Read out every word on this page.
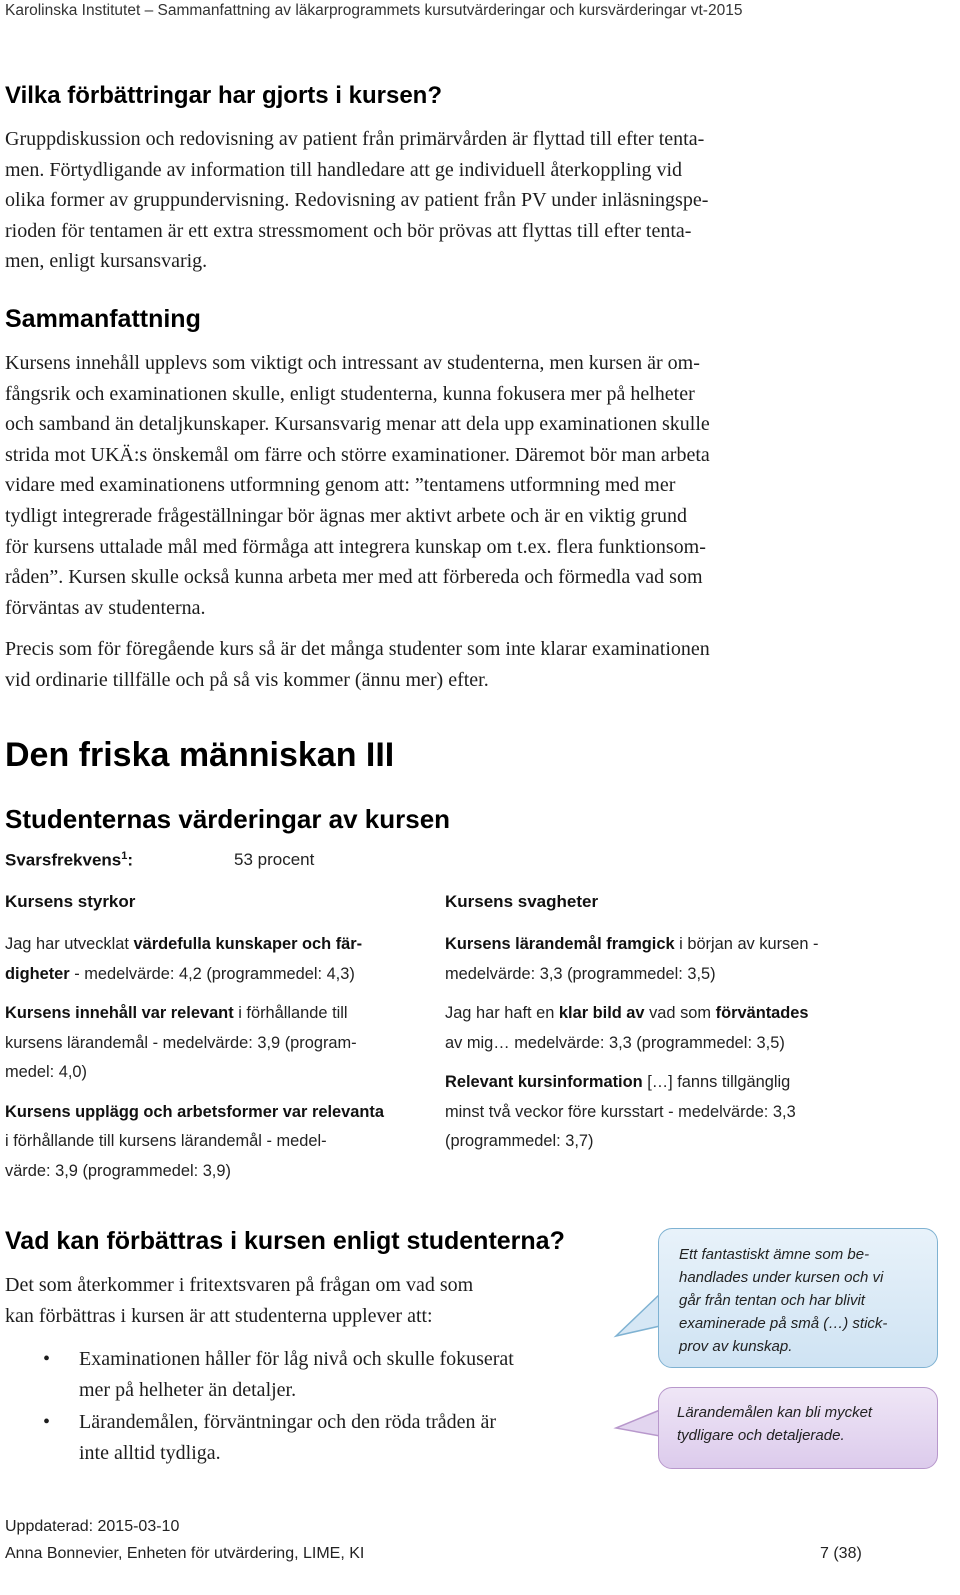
Karolinska Institutet – Sammanfattning av läkarprogrammets kursutvärderingar och kursvärderingar vt-2015
Vilka förbättringar har gjorts i kursen?

Gruppdiskussion och redovisning av patient från primärvården är flyttad till efter tenta-

men. Förtydligande av information till handledare att ge individuell återkoppling vid

olika former av gruppundervisning. Redovisning av patient från PV under inläsningspe-

rioden för tentamen är ett extra stressmoment och bör prövas att flyttas till efter tenta-

men, enligt kursansvarig.

Sammanfattning

Kursens innehåll upplevs som viktigt och intressant av studenterna, men kursen är om-

fångsrik och examinationen skulle, enligt studenterna, kunna fokusera mer på helheter

och samband än detaljkunskaper. Kursansvarig menar att dela upp examinationen skulle

strida mot UKÄ:s önskemål om färre och större examinationer. Däremot bör man arbeta

vidare med examinationens utformning genom att: ”tentamens utformning med mer

tydligt integrerade frågeställningar bör ägnas mer aktivt arbete och är en viktig grund

för kursens uttalade mål med förmåga att integrera kunskap om t.ex. flera funktionsom-

råden”. Kursen skulle också kunna arbeta mer med att förbereda och förmedla vad som

förväntas av studenterna.

Precis som för föregående kurs så är det många studenter som inte klarar examinationen

vid ordinarie tillfälle och på så vis kommer (ännu mer) efter.

Den friska människan III
Studenternas värderingar av kursen
Svarsfrekvens$^1$:	53 procent
Kursens styrkor
Jag har utvecklat värdefulla kunskaper och fär-
digheter - medelvärde: 4,2 (programmedel: 4,3)
Kursens innehåll var relevant i förhållande till
kursens lärandemål - medelvärde: 3,9 (program-
medel: 4,0)
Kursens upplägg och arbetsformer var relevanta
i förhållande till kursens lärandemål - medel-
värde: 3,9 (programmedel: 3,9)
Kursens svagheter
Kursens lärandemål framgick i början av kursen -
medelvärde: 3,3 (programmedel: 3,5)
Jag har haft en klar bild av vad som förväntades
av mig… medelvärde: 3,3 (programmedel: 3,5)
Relevant kursinformation […] fanns tillgänglig
minst två veckor före kursstart - medelvärde: 3,3
(programmedel: 3,7)
Vad kan förbättras i kursen enligt studenterna?

Det som återkommer i fritextsvaren på frågan om vad som

kan förbättras i kursen är att studenterna upplever att:

• Examinationen håller för låg nivå och skulle fokuserat
mer på helheter än detaljer.
• Lärandemålen, förväntningar och den röda tråden är
inte alltid tydliga.
Ett fantastiskt ämne som be-
handlades under kursen och vi
går från tentan och har blivit
examinerade på små (…) stick-
prov av kunskap.
Lärandemålen kan bli mycket
tydligare och detaljerade.
Uppdaterad: 2015-03-10
Anna Bonnevier, Enheten för utvärdering, LIME, KI	7 (38)
